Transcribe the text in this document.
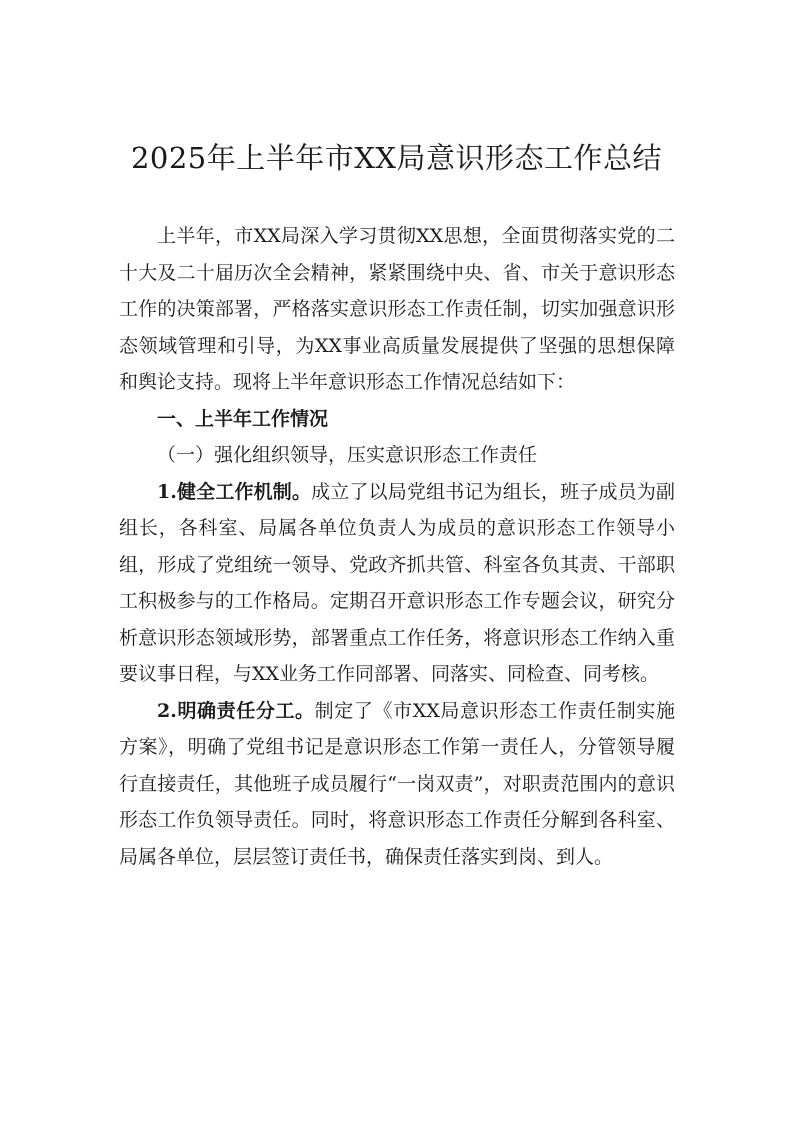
2025年上半年市XX局意识形态工作总结

上半年，市XX局深入学习贯彻XX思想，全面贯彻落实党的二十大及二十届历次全会精神，紧紧围绕中央、省、市关于意识形态工作的决策部署，严格落实意识形态工作责任制，切实加强意识形态领域管理和引导，为XX事业高质量发展提供了坚强的思想保障和舆论支持。现将上半年意识形态工作情况总结如下：

一、上半年工作情况

（一）强化组织领导，压实意识形态工作责任

1.健全工作机制。成立了以局党组书记为组长，班子成员为副组长，各科室、局属各单位负责人为成员的意识形态工作领导小组，形成了党组统一领导、党政齐抓共管、科室各负其责、干部职工积极参与的工作格局。定期召开意识形态工作专题会议，研究分析意识形态领域形势，部署重点工作任务，将意识形态工作纳入重要议事日程，与XX业务工作同部署、同落实、同检查、同考核。

2.明确责任分工。制定了《市XX局意识形态工作责任制实施方案》，明确了党组书记是意识形态工作第一责任人，分管领导履行直接责任，其他班子成员履行“一岗双责”，对职责范围内的意识形态工作负领导责任。同时，将意识形态工作责任分解到各科室、局属各单位，层层签订责任书，确保责任落实到岗、到人。
